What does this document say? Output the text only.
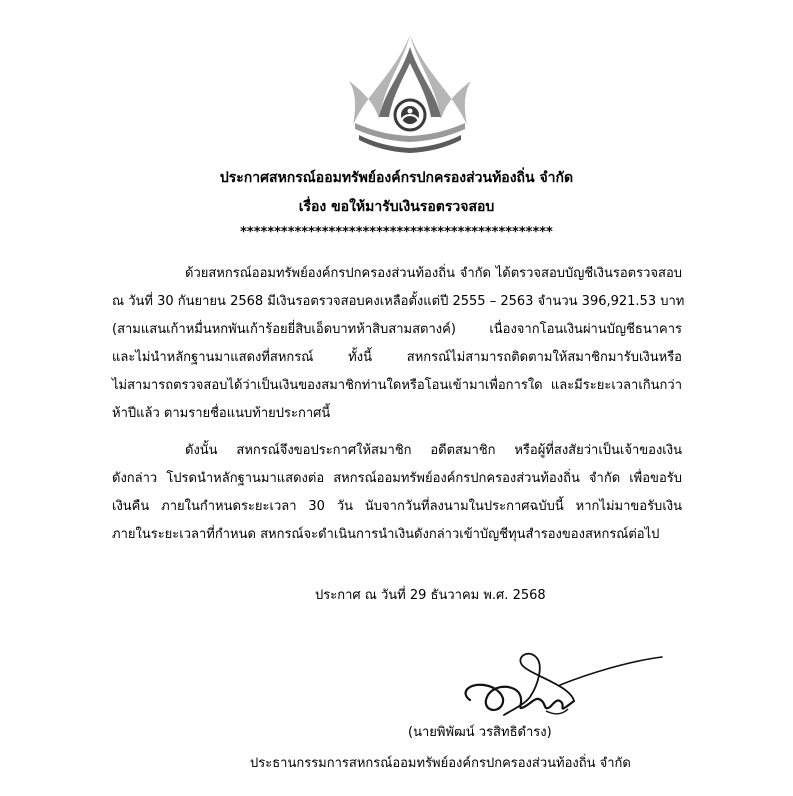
ประกาศสหกรณ์ออมทรัพย์องค์กรปกครองส่วนท้องถิ่น จำกัด
เรื่อง ขอให้มารับเงินรอตรวจสอบ
**********************************************
ด้วยสหกรณ์ออมทรัพย์องค์กรปกครองส่วนท้องถิ่น จำกัด ได้ตรวจสอบบัญชีเงินรอตรวจสอบ
ณ วันที่ 30 กันยายน 2568 มีเงินรอตรวจสอบคงเหลือตั้งแต่ปี 2555 – 2563 จำนวน 396,921.53 บาท
(สามแสนเก้าหมื่นหกพันเก้าร้อยยี่สิบเอ็ดบาทห้าสิบสามสตางค์) เนื่องจากโอนเงินผ่านบัญชีธนาคาร
และไม่นำหลักฐานมาแสดงที่สหกรณ์ ทั้งนี้ สหกรณ์ไม่สามารถติดตามให้สมาชิกมารับเงินหรือ
ไม่สามารถตรวจสอบได้ว่าเป็นเงินของสมาชิกท่านใดหรือโอนเข้ามาเพื่อการใด และมีระยะเวลาเกินกว่า
ห้าปีแล้ว ตามรายชื่อแนบท้ายประกาศนี้
ดังนั้น สหกรณ์จึงขอประกาศให้สมาชิก อดีตสมาชิก หรือผู้ที่สงสัยว่าเป็นเจ้าของเงิน
ดังกล่าว โปรดนำหลักฐานมาแสดงต่อ สหกรณ์ออมทรัพย์องค์กรปกครองส่วนท้องถิ่น จำกัด เพื่อขอรับ
เงินคืน ภายในกำหนดระยะเวลา 30 วัน นับจากวันที่ลงนามในประกาศฉบับนี้ หากไม่มาขอรับเงิน
ภายในระยะเวลาที่กำหนด สหกรณ์จะดำเนินการนำเงินดังกล่าวเข้าบัญชีทุนสำรองของสหกรณ์ต่อไป
ประกาศ ณ วันที่ 29 ธันวาคม พ.ศ. 2568
(นายพิพัฒน์ วรสิทธิดำรง)
ประธานกรรมการสหกรณ์ออมทรัพย์องค์กรปกครองส่วนท้องถิ่น จำกัด
